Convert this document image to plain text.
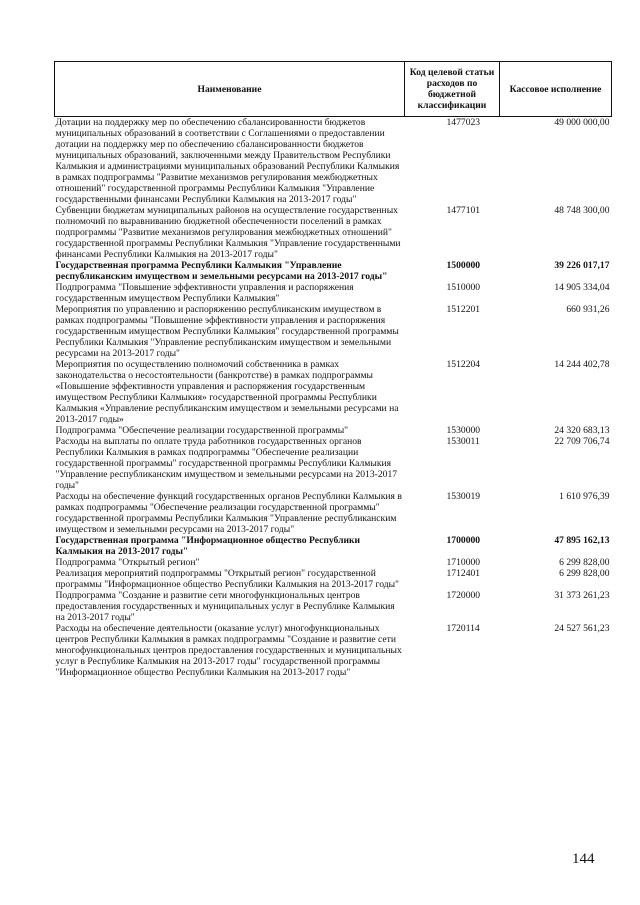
Наименование	Код целевой статьи расходов по бюджетной классификации	Кассовое исполнение
Дотации на поддержку мер по обеспечению сбалансированности бюджетов муниципальных образований в соответствии с Соглашениями о предоставлении дотации на поддержку мер по обеспечению сбалансированности бюджетов муниципальных образований, заключенными между Правительством Республики Калмыкия и администрациями муниципальных образований Республики Калмыкия в рамках подпрограммы "Развитие механизмов регулирования межбюджетных отношений" государственной программы Республики Калмыкия "Управление государственными финансами Республики Калмыкия на 2013-2017 годы"	1477023	49 000 000,00
Субвенции бюджетам муниципальных районов на осуществление государственных полномочий по выравниванию бюджетной обеспеченности поселений в рамках подпрограммы "Развитие механизмов регулирования межбюджетных отношений" государственной программы Республики Калмыкия "Управление государственными финансами Республики Калмыкия на 2013-2017 годы"	1477101	48 748 300,00
Государственная программа Республики Калмыкия "Управление республиканским имуществом и земельными ресурсами на 2013-2017 годы"	1500000	39 226 017,17
Подпрограмма "Повышение эффективности управления и распоряжения государственным имуществом Республики Калмыкия"	1510000	14 905 334,04
Мероприятия по управлению и распоряжению республиканским имуществом в рамках подпрограммы "Повышение эффективности управления и распоряжения государственным имуществом Республики Калмыкия" государственной программы Республики Калмыкия "Управление республиканским имуществом и земельными ресурсами на 2013-2017 годы"	1512201	660 931,26
Мероприятия по осуществлению полномочий собственника в рамках законодательства о несостоятельности (банкротстве) в рамках подпрограммы «Повышение эффективности управления и распоряжения государственным имуществом Республики Калмыкия» государственной программы Республики Калмыкия «Управление республиканским имуществом и земельными ресурсами на 2013-2017 годы»	1512204	14 244 402,78
Подпрограмма "Обеспечение реализации государственной программы"	1530000	24 320 683,13
Расходы на выплаты по оплате труда работников государственных органов Республики Калмыкия в рамках подпрограммы "Обеспечение реализации государственной программы" государственной программы Республики Калмыкия "Управление республиканским имуществом и земельными ресурсами на 2013-2017 годы"	1530011	22 709 706,74
Расходы на обеспечение функций государственных органов Республики Калмыкия в рамках подпрограммы "Обеспечение реализации государственной программы" государственной программы Республики Калмыкия "Управление республиканским имуществом и земельными ресурсами на 2013-2017 годы"	1530019	1 610 976,39
Государственная программа "Информационное общество Республики Калмыкия на 2013-2017 годы"	1700000	47 895 162,13
Подпрограмма "Открытый регион"	1710000	6 299 828,00
Реализация мероприятий подпрограммы "Открытый регион" государственной программы "Информационное общество Республики Калмыкия на 2013-2017 годы"	1712401	6 299 828,00
Подпрограмма "Создание и развитие сети многофункциональных центров предоставления государственных и муниципальных услуг в Республике Калмыкия на 2013-2017 годы"	1720000	31 373 261,23
Расходы на обеспечение деятельности (оказание услуг) многофункциональных центров Республики Калмыкия в рамках подпрограммы "Создание и развитие сети многофункциональных центров предоставления государственных и муниципальных услуг в Республике Калмыкия на 2013-2017 годы" государственной программы "Информационное общество Республики Калмыкия на 2013-2017 годы"	1720114	24 527 561,23
144
